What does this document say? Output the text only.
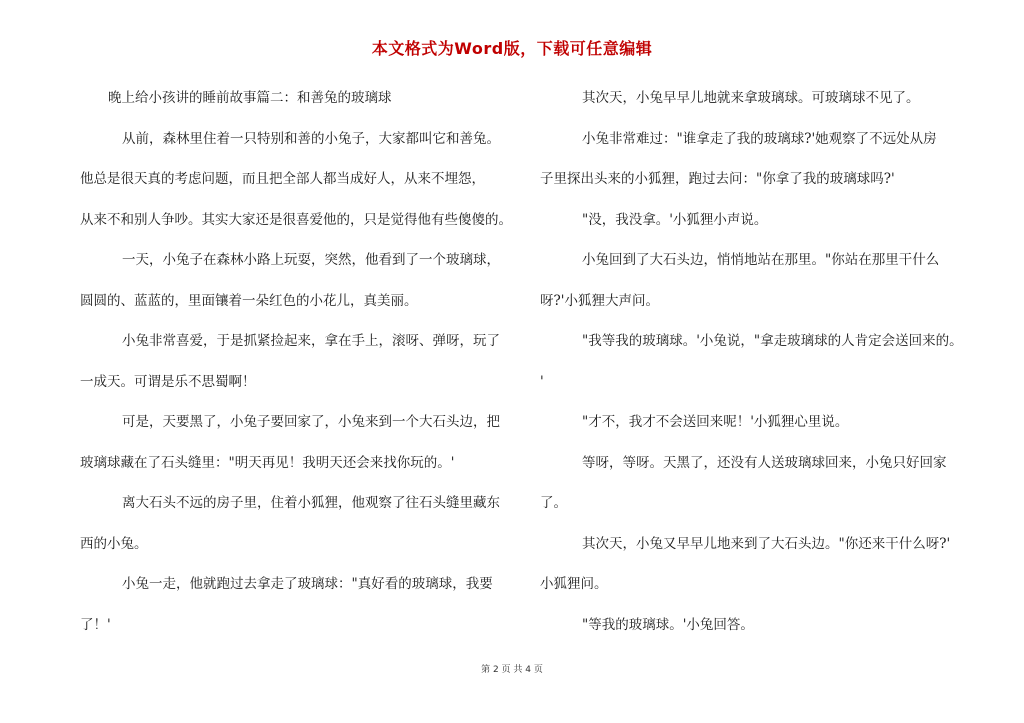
本文格式为Word版，下载可任意编辑
晚上给小孩讲的睡前故事篇二：和善兔的玻璃球
从前，森林里住着一只特别和善的小兔子，大家都叫它和善兔。
他总是很天真的考虑问题，而且把全部人都当成好人，从来不埋怨，
从来不和别人争吵。其实大家还是很喜爱他的，只是觉得他有些傻傻的。
一天，小兔子在森林小路上玩耍，突然，他看到了一个玻璃球，
圆圆的、蓝蓝的，里面镶着一朵红色的小花儿，真美丽。
小兔非常喜爱，于是抓紧捡起来，拿在手上，滚呀、弹呀，玩了
一成天。可谓是乐不思蜀啊！
可是，天要黑了，小兔子要回家了，小兔来到一个大石头边，把
玻璃球藏在了石头缝里："明天再见！我明天还会来找你玩的。'
离大石头不远的房子里，住着小狐狸，他观察了往石头缝里藏东
西的小兔。
小兔一走，他就跑过去拿走了玻璃球："真好看的玻璃球，我要
了！'
其次天，小兔早早儿地就来拿玻璃球。可玻璃球不见了。
小兔非常难过："谁拿走了我的玻璃球?'她观察了不远处从房
子里探出头来的小狐狸，跑过去问："你拿了我的玻璃球吗?'
"没，我没拿。'小狐狸小声说。
小兔回到了大石头边，悄悄地站在那里。"你站在那里干什么
呀?'小狐狸大声问。
"我等我的玻璃球。'小兔说，"拿走玻璃球的人肯定会送回来的。
'
"才不，我才不会送回来呢！'小狐狸心里说。
等呀，等呀。天黑了，还没有人送玻璃球回来，小兔只好回家
了。
其次天，小兔又早早儿地来到了大石头边。"你还来干什么呀?'
小狐狸问。
"等我的玻璃球。'小兔回答。
第 2 页 共 4 页
